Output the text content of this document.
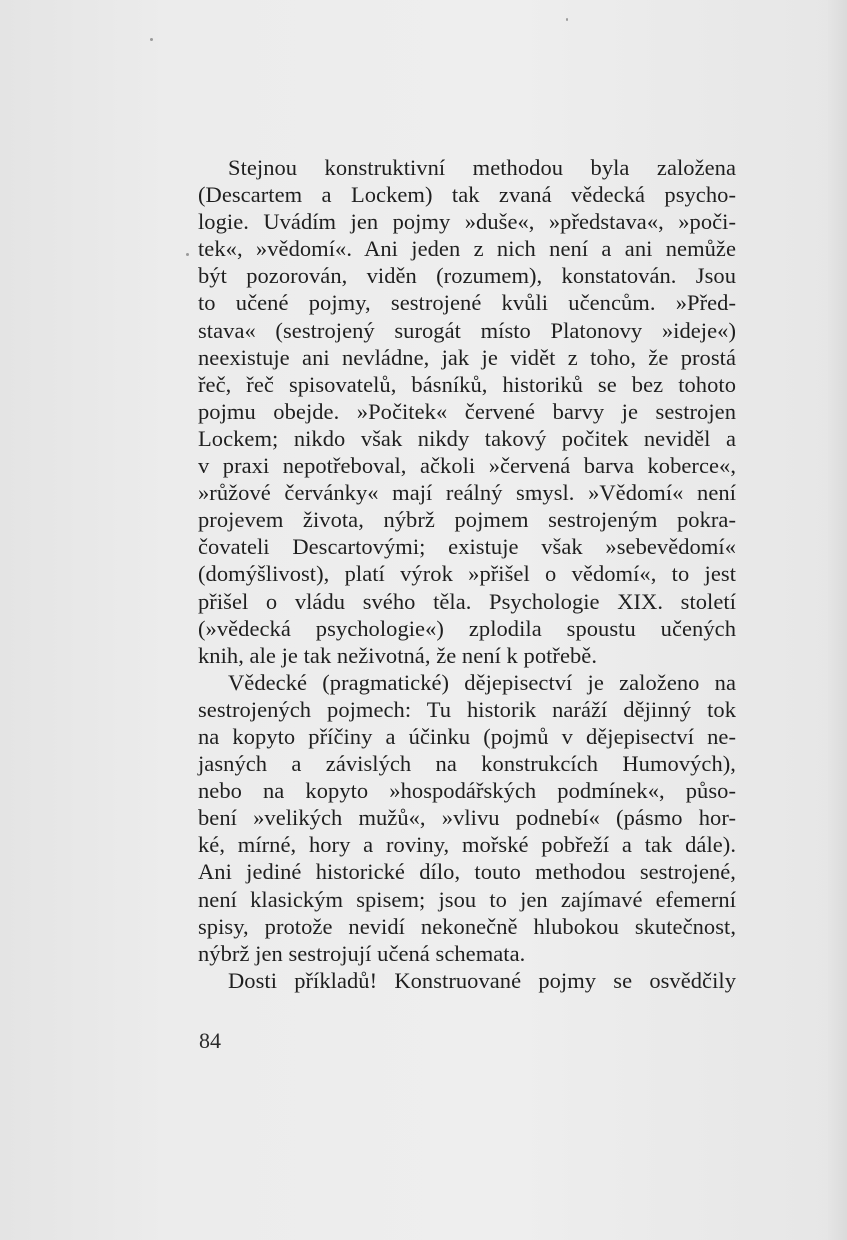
Stejnou konstruktivní methodou byla založena
(Descartem a Lockem) tak zvaná vědecká psycho-
logie. Uvádím jen pojmy »duše«, »představa«, »poči-
tek«, »vědomí«. Ani jeden z nich není a ani nemůže
být pozorován, viděn (rozumem), konstatován. Jsou
to učené pojmy, sestrojené kvůli učencům. »Před-
stava« (sestrojený surogát místo Platonovy »ideje«)
neexistuje ani nevládne, jak je vidět z toho, že prostá
řeč, řeč spisovatelů, básníků, historiků se bez tohoto
pojmu obejde. »Počitek« červené barvy je sestrojen
Lockem; nikdo však nikdy takový počitek neviděl a
v praxi nepotřeboval, ačkoli »červená barva koberce«,
»růžové červánky« mají reálný smysl. »Vědomí« není
projevem života, nýbrž pojmem sestrojeným pokra-
čovateli Descartovými; existuje však »sebevědomí«
(domýšlivost), platí výrok »přišel o vědomí«, to jest
přišel o vládu svého těla. Psychologie XIX. století
(»vědecká psychologie«) zplodila spoustu učených
knih, ale je tak neživotná, že není k potřebě.
Vědecké (pragmatické) dějepisectví je založeno na
sestrojených pojmech: Tu historik naráží dějinný tok
na kopyto příčiny a účinku (pojmů v dějepisectví ne-
jasných a závislých na konstrukcích Humových),
nebo na kopyto »hospodářských podmínek«, půso-
bení »velikých mužů«, »vlivu podnebí« (pásmo hor-
ké, mírné, hory a roviny, mořské pobřeží a tak dále).
Ani jediné historické dílo, touto methodou sestrojené,
není klasickým spisem; jsou to jen zajímavé efemerní
spisy, protože nevidí nekonečně hlubokou skutečnost,
nýbrž jen sestrojují učená schemata.
Dosti příkladů! Konstruované pojmy se osvědčily
84
